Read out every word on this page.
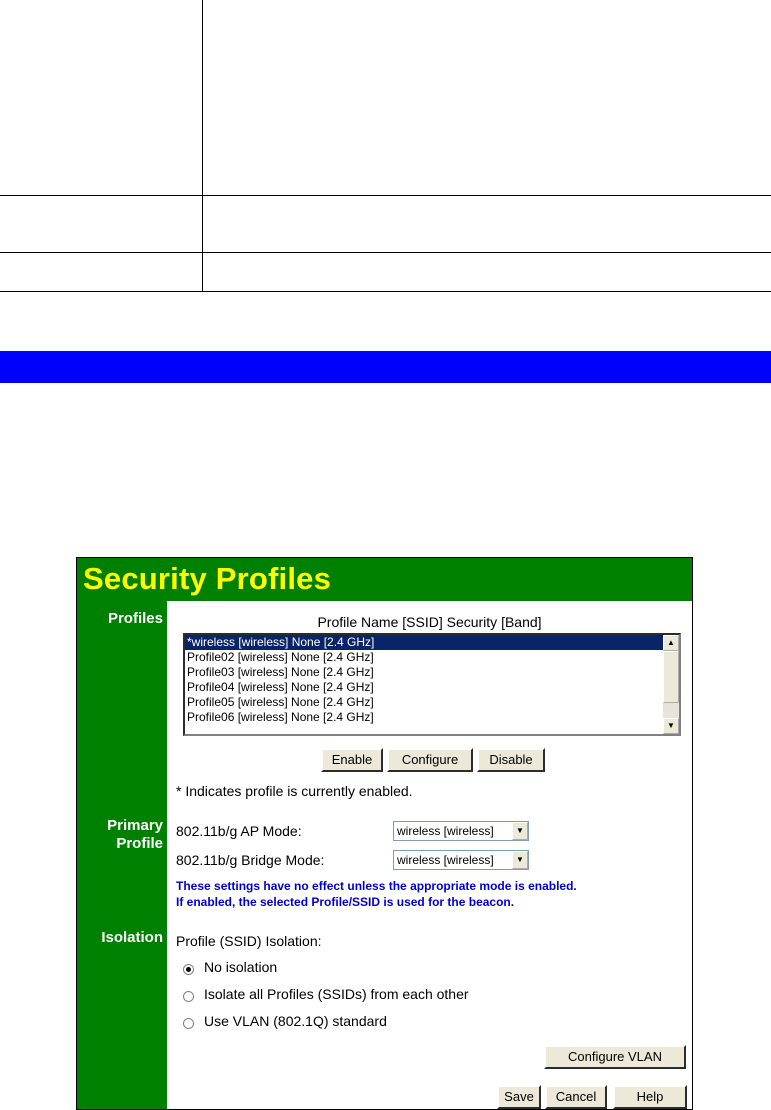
Security Profiles
Profiles
Primary
Profile
Isolation
Profile Name [SSID] Security [Band]
*wireless [wireless] None [2.4 GHz]
Profile02 [wireless] None [2.4 GHz]
Profile03 [wireless] None [2.4 GHz]
Profile04 [wireless] None [2.4 GHz]
Profile05 [wireless] None [2.4 GHz]
Profile06 [wireless] None [2.4 GHz]
▲
▼
Enable	Configure	Disable
* Indicates profile is currently enabled.
802.11b/g AP Mode:	wireless [wireless]	▼
802.11b/g Bridge Mode:	wireless [wireless]	▼
These settings have no effect unless the appropriate mode is enabled.
If enabled, the selected Profile/SSID is used for the beacon.
Profile (SSID) Isolation:
No isolation
Isolate all Profiles (SSIDs) from each other
Use VLAN (802.1Q) standard
Configure VLAN
Save	Cancel	Help
